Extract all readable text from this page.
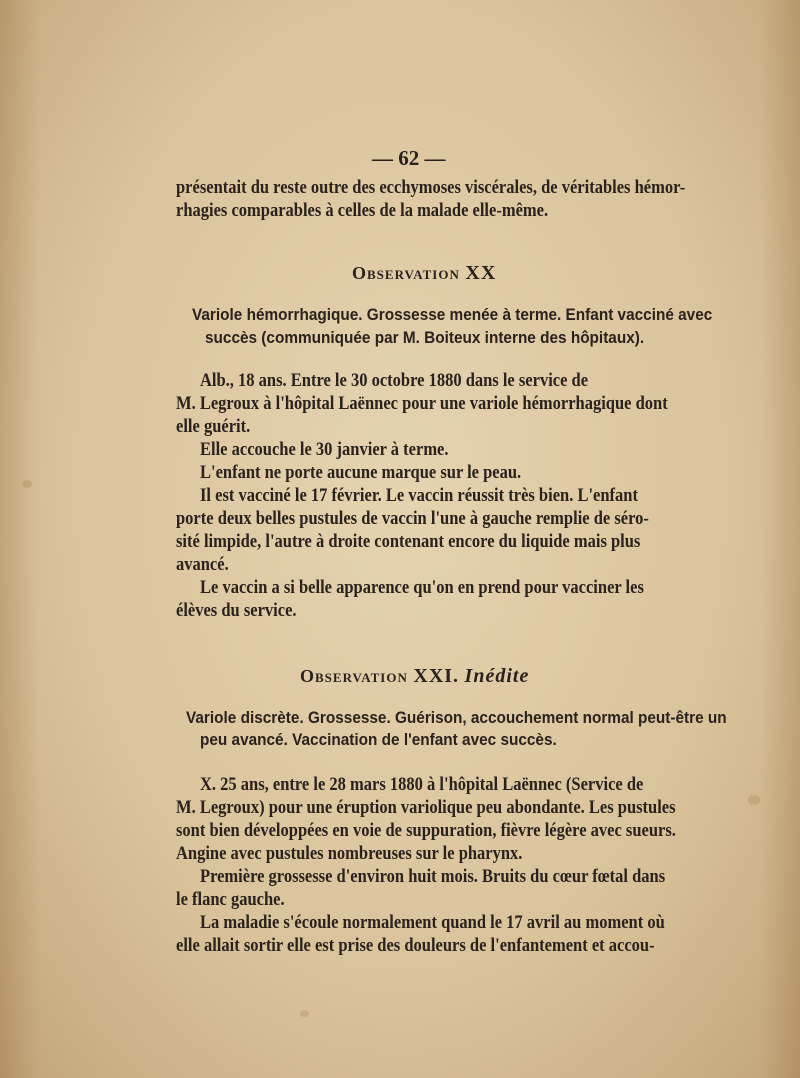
— 62 —
présentait du reste outre des ecchymoses viscérales, de véritables hémor-
rhagies comparables à celles de la malade elle-même.
Observation XX
Variole hémorrhagique. Grossesse menée à terme. Enfant vacciné avec
succès (communiquée par M. Boiteux interne des hôpitaux).
Alb., 18 ans. Entre le 30 octobre 1880 dans le service de
M. Legroux à l'hôpital Laënnec pour une variole hémorrhagique dont
elle guérit.
Elle accouche le 30 janvier à terme.
L'enfant ne porte aucune marque sur le peau.
Il est vacciné le 17 février. Le vaccin réussit très bien. L'enfant
porte deux belles pustules de vaccin l'une à gauche remplie de séro-
sité limpide, l'autre à droite contenant encore du liquide mais plus
avancé.
Le vaccin a si belle apparence qu'on en prend pour vacciner les
élèves du service.
Observation XXI. Inédite
Variole discrète. Grossesse. Guérison, accouchement normal peut-être un
peu avancé. Vaccination de l'enfant avec succès.
X. 25 ans, entre le 28 mars 1880 à l'hôpital Laënnec (Service de
M. Legroux) pour une éruption variolique peu abondante. Les pustules
sont bien développées en voie de suppuration, fièvre légère avec sueurs.
Angine avec pustules nombreuses sur le pharynx.
Première grossesse d'environ huit mois. Bruits du cœur fœtal dans
le flanc gauche.
La maladie s'écoule normalement quand le 17 avril au moment où
elle allait sortir elle est prise des douleurs de l'enfantement et accou-
